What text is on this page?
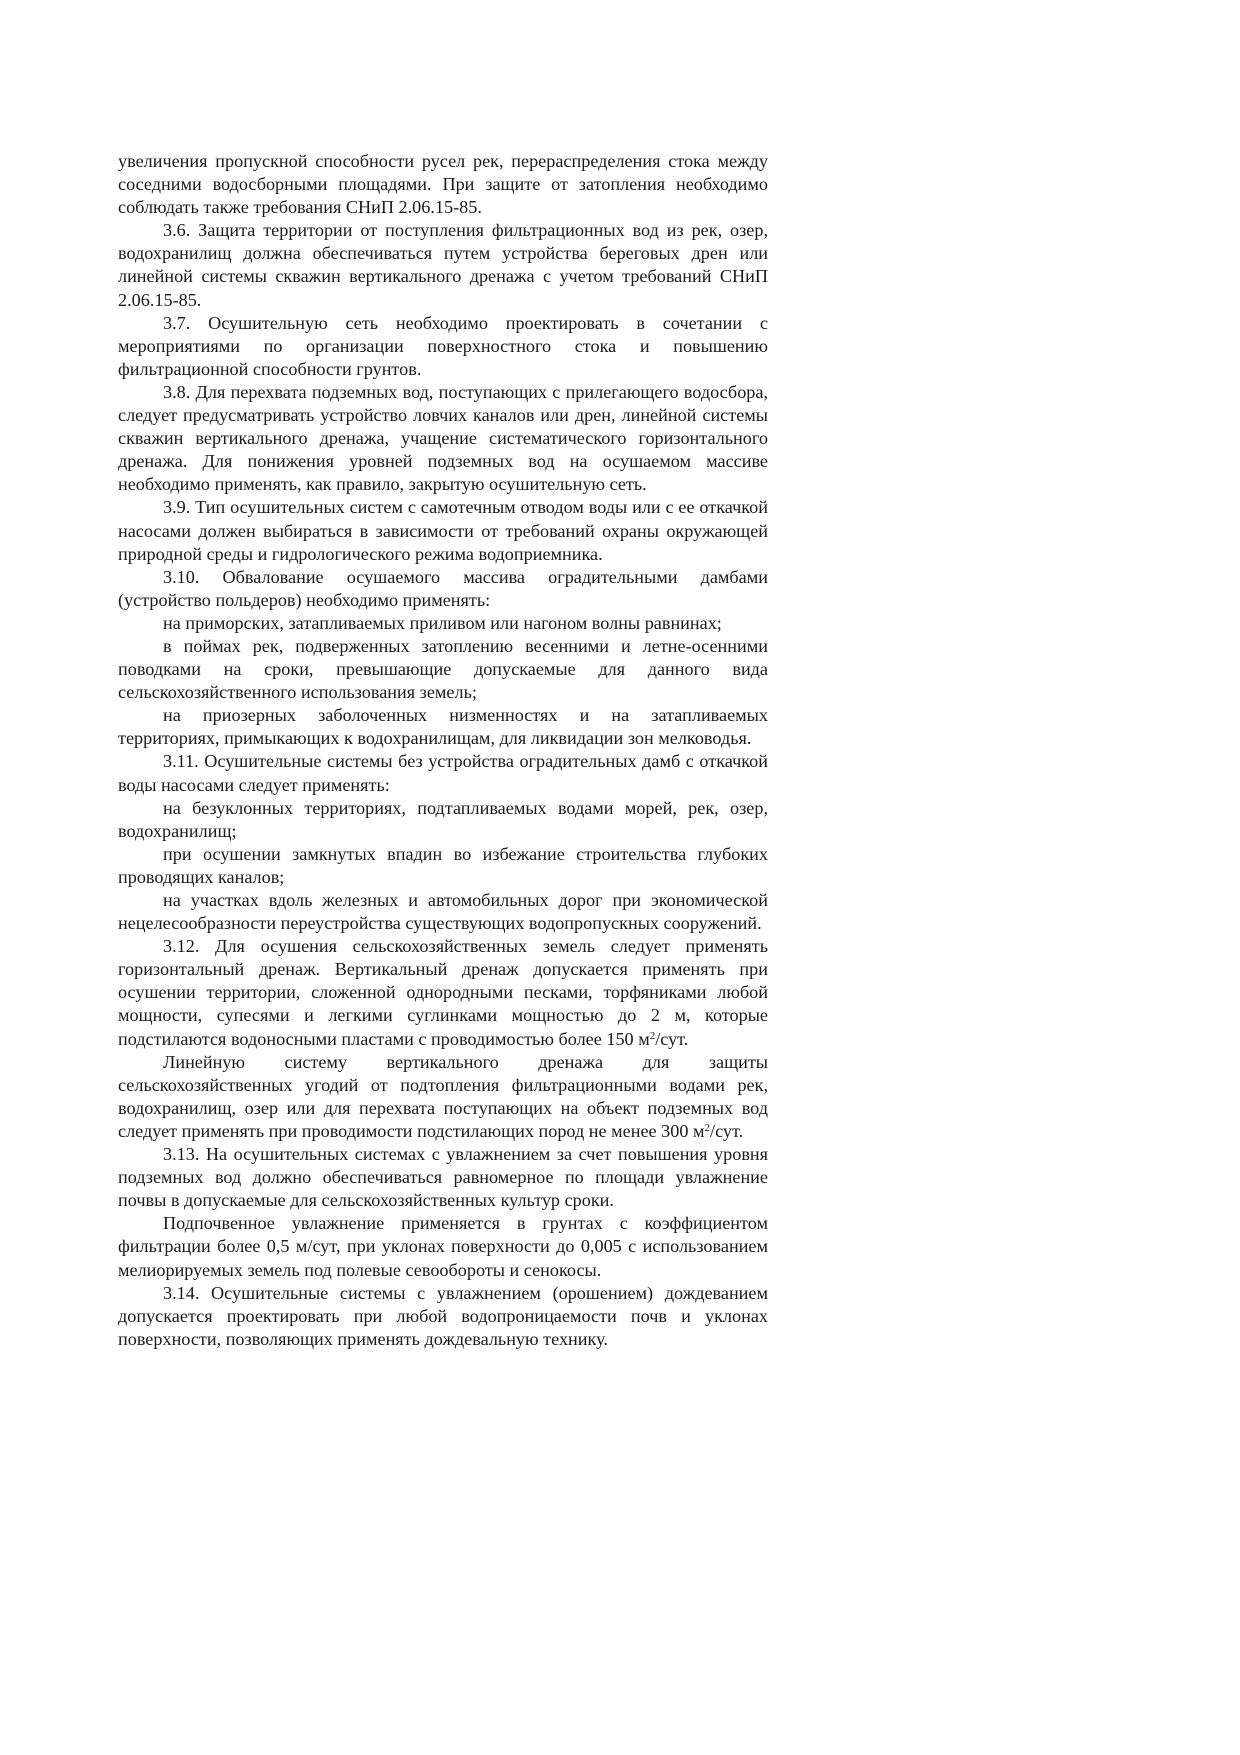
увеличения пропускной способности русел рек, перераспределения стока между соседними водосборными площадями. При защите от затопления необходимо соблюдать также требования СНиП 2.06.15-85.

3.6. Защита территории от поступления фильтрационных вод из рек, озер, водохранилищ должна обеспечиваться путем устройства береговых дрен или линейной системы скважин вертикального дренажа с учетом требований СНиП 2.06.15-85.

3.7. Осушительную сеть необходимо проектировать в сочетании с мероприятиями по организации поверхностного стока и повышению фильтрационной способности грунтов.

3.8. Для перехвата подземных вод, поступающих с прилегающего водосбора, следует предусматривать устройство ловчих каналов или дрен, линейной системы скважин вертикального дренажа, учащение систематического горизонтального дренажа. Для понижения уровней подземных вод на осушаемом массиве необходимо применять, как правило, закрытую осушительную сеть.

3.9. Тип осушительных систем с самотечным отводом воды или с ее откачкой насосами должен выбираться в зависимости от требований охраны окружающей природной среды и гидрологического режима водоприемника.

3.10. Обвалование осушаемого массива оградительными дамбами (устройство польдеров) необходимо применять:

на приморских, затапливаемых приливом или нагоном волны равнинах;

в поймах рек, подверженных затоплению весенними и летне-осенними поводками на сроки, превышающие допускаемые для данного вида сельскохозяйственного использования земель;

на приозерных заболоченных низменностях и на затапливаемых территориях, примыкающих к водохранилищам, для ликвидации зон мелководья.

3.11. Осушительные системы без устройства оградительных дамб с откачкой воды насосами следует применять:

на безуклонных территориях, подтапливаемых водами морей, рек, озер, водохранилищ;

при осушении замкнутых впадин во избежание строительства глубоких проводящих каналов;

на участках вдоль железных и автомобильных дорог при экономической нецелесообразности переустройства существующих водопропускных сооружений.

3.12. Для осушения сельскохозяйственных земель следует применять горизонтальный дренаж. Вертикальный дренаж допускается применять при осушении территории, сложенной однородными песками, торфяниками любой мощности, супесями и легкими суглинками мощностью до 2 м, которые подстилаются водоносными пластами с проводимостью более 150 $м^2$/сут.

Линейную систему вертикального дренажа для защиты сельскохозяйственных угодий от подтопления фильтрационными водами рек, водохранилищ, озер или для перехвата поступающих на объект подземных вод следует применять при проводимости подстилающих пород не менее 300 $м^2$/сут.

3.13. На осушительных системах с увлажнением за счет повышения уровня подземных вод должно обеспечиваться равномерное по площади увлажнение почвы в допускаемые для сельскохозяйственных культур сроки.

Подпочвенное увлажнение применяется в грунтах с коэффициентом фильтрации более 0,5 м/сут, при уклонах поверхности до 0,005 с использованием мелиорируемых земель под полевые севообороты и сенокосы.

3.14. Осушительные системы с увлажнением (орошением) дождеванием допускается проектировать при любой водопроницаемости почв и уклонах поверхности, позволяющих применять дождевальную технику.
